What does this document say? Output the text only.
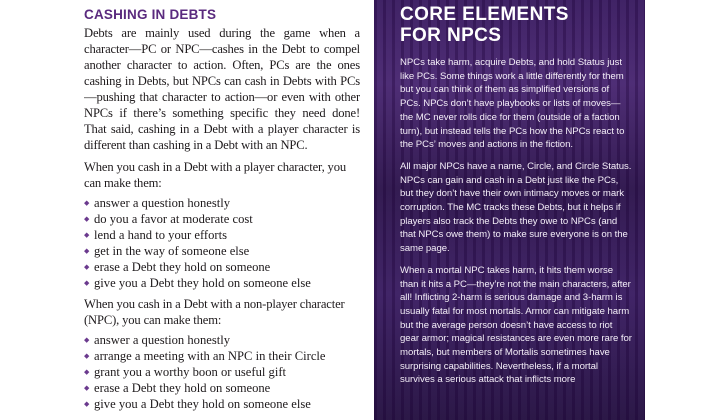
CASHING IN DEBTS

Debts are mainly used during the game when a character—PC or NPC—cashes in the Debt to compel another character to action. Often, PCs are the ones cashing in Debts, but NPCs can cash in Debts with PCs—pushing that character to action—or even with other NPCs if there’s something specific they need done! That said, cashing in a Debt with a player character is different than cashing in a Debt with an NPC.

When you cash in a Debt with a player character, you can make them:

◆ answer a question honestly
◆ do you a favor at moderate cost
◆ lend a hand to your efforts
◆ get in the way of someone else
◆ erase a Debt they hold on someone
◆ give you a Debt they hold on someone else

When you cash in a Debt with a non-player character (NPC), you can make them:

◆ answer a question honestly
◆ arrange a meeting with an NPC in their Circle
◆ grant you a worthy boon or useful gift
◆ erase a Debt they hold on someone
◆ give you a Debt they hold on someone else
CORE ELEMENTS
FOR NPCS

NPCs take harm, acquire Debts, and hold Status just like PCs. Some things work a little differently for them but you can think of them as simplified versions of PCs. NPCs don’t have playbooks or lists of moves—the MC never rolls dice for them (outside of a faction turn), but instead tells the PCs how the NPCs react to the PCs’ moves and actions in the fiction.

All major NPCs have a name, Circle, and Circle Status. NPCs can gain and cash in a Debt just like the PCs, but they don’t have their own intimacy moves or mark corruption. The MC tracks these Debts, but it helps if players also track the Debts they owe to NPCs (and that NPCs owe them) to make sure everyone is on the same page.

When a mortal NPC takes harm, it hits them worse than it hits a PC—they’re not the main characters, after all! Inflicting 2-harm is serious damage and 3-harm is usually fatal for most mortals. Armor can mitigate harm but the average person doesn’t have access to riot gear armor; magical resistances are even more rare for mortals, but members of Mortalis sometimes have surprising capabilities. Nevertheless, if a mortal survives a serious attack that inflicts more
